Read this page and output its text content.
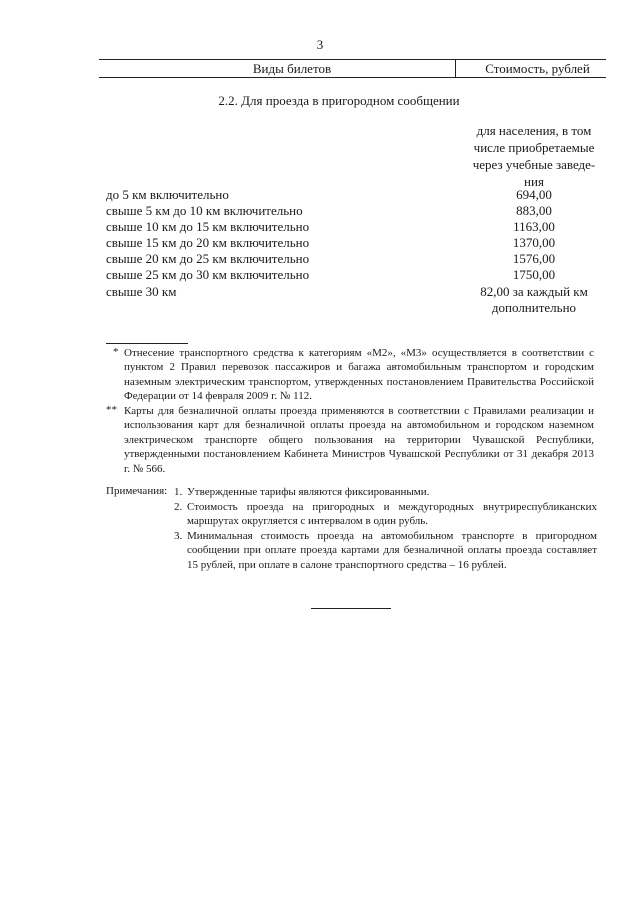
3
Виды билетов	Стоимость, рублей
2.2. Для проезда в пригородном сообщении
для населения, в том
числе приобретаемые
через учебные заведе-
ния
до 5 км включительно	694,00
свыше 5 км до 10 км включительно	883,00
свыше 10 км до 15 км включительно	1163,00
свыше 15 км до 20 км включительно	1370,00
свыше 20 км до 25 км включительно	1576,00
свыше 25 км до 30 км включительно	1750,00
свыше 30 км	82,00 за каждый км
дополнительно
* Отнесение транспортного средства к категориям «М2», «М3» осуществляется в соответствии с пунктом 2 Правил перевозок пассажиров и багажа автомобильным транспортом и городским наземным электрическим транспортом, утвержденных постановлением Правительства Российской Федерации от 14 февраля 2009 г. № 112.
** Карты для безналичной оплаты проезда применяются в соответствии с Правилами реализации и использования карт для безналичной оплаты проезда на автомобильном и городском наземном электрическом транспорте общего пользования на территории Чувашской Республики, утвержденными постановлением Кабинета Министров Чувашской Республики от 31 декабря 2013 г. № 566.
Примечания: 1. Утвержденные тарифы являются фиксированными.
2. Стоимость проезда на пригородных и междугородных внутриреспубликанских маршрутах округляется с интервалом в один рубль.
3. Минимальная стоимость проезда на автомобильном транспорте в пригородном сообщении при оплате проезда картами для безналичной оплаты проезда составляет 15 рублей, при оплате в салоне транспортного средства – 16 рублей.
